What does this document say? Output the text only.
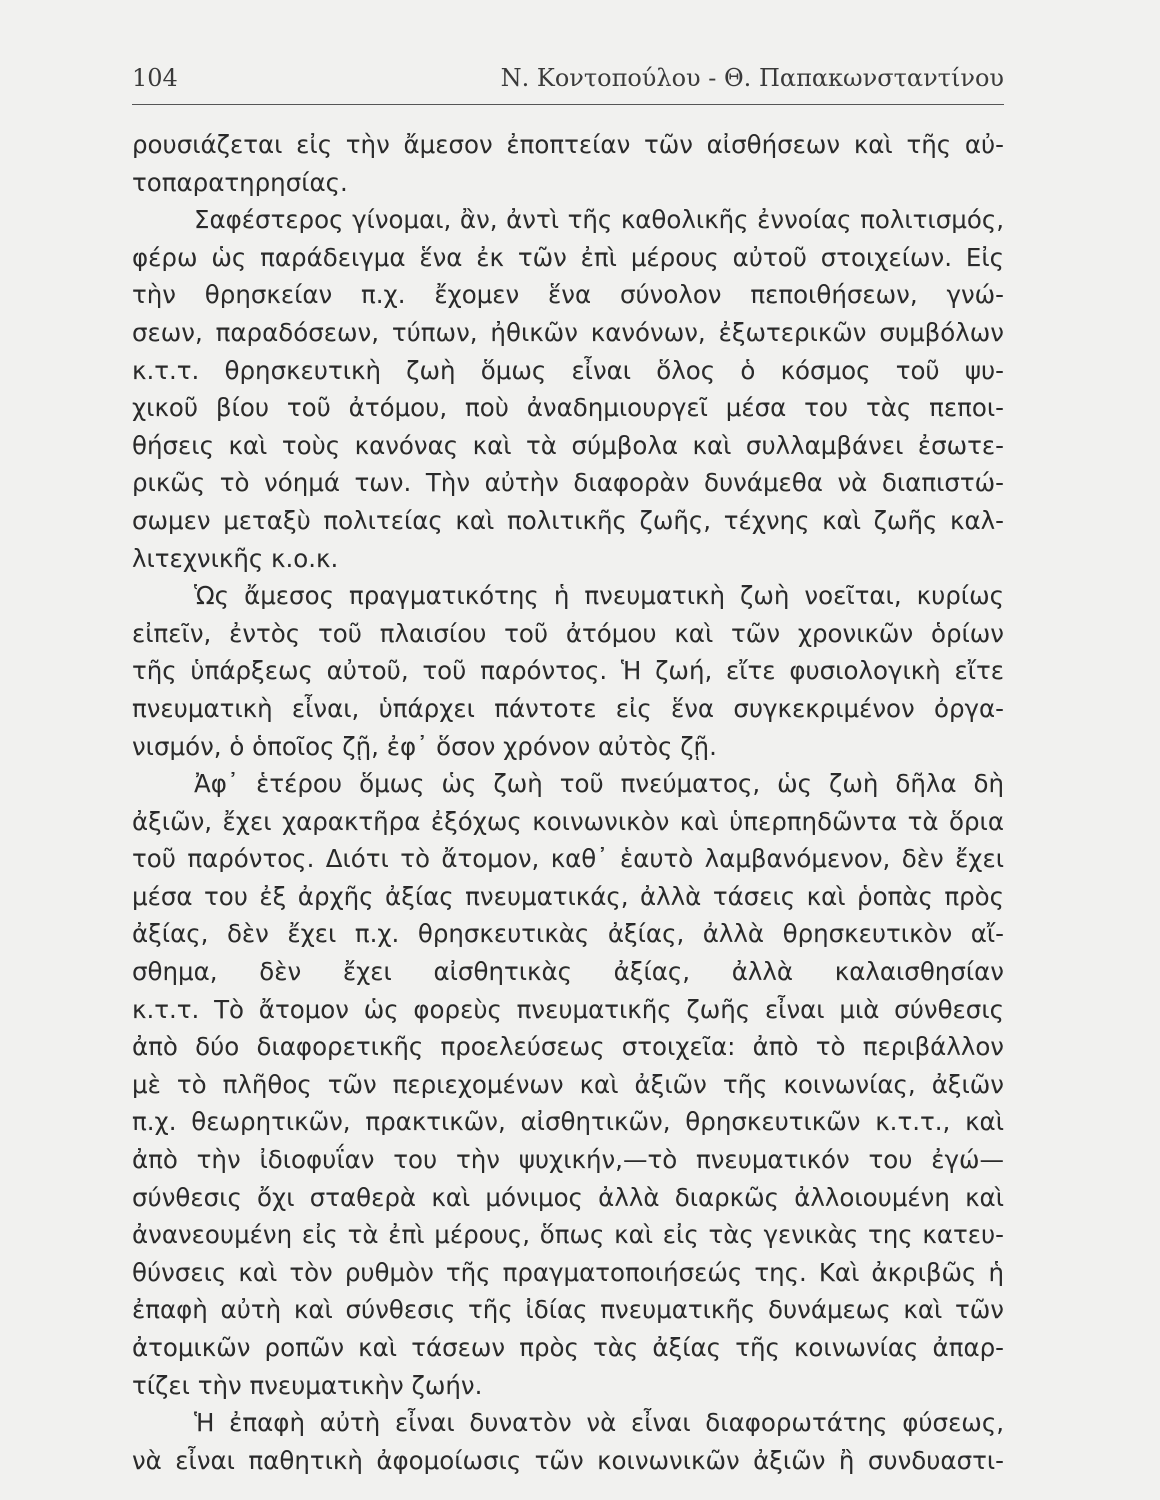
104	Ν. Κοντοπούλου - Θ. Παπακωνσταντίνου
ρουσιάζεται εἰς τὴν ἄμεσον ἐποπτείαν τῶν αἰσθήσεων καὶ τῆς αὐ-
τοπαρατηρησίας.
Σαφέστερος γίνομαι, ἂν, ἀντὶ τῆς καθολικῆς ἐννοίας πολιτισμός,
φέρω ὡς παράδειγμα ἕνα ἐκ τῶν ἐπὶ μέρους αὐτοῦ στοιχείων. Εἰς
τὴν θρησκείαν π.χ. ἔχομεν ἕνα σύνολον πεποιθήσεων, γνώ-
σεων, παραδόσεων, τύπων, ἠθικῶν κανόνων, ἐξωτερικῶν συμβόλων
κ.τ.τ. θρησκευτικὴ ζωὴ ὅμως εἶναι ὅλος ὁ κόσμος τοῦ ψυ-
χικοῦ βίου τοῦ ἀτόμου, ποὺ ἀναδημιουργεῖ μέσα του τὰς πεποι-
θήσεις καὶ τοὺς κανόνας καὶ τὰ σύμβολα καὶ συλλαμβάνει ἐσωτε-
ρικῶς τὸ νόημά των. Τὴν αὐτὴν διαφορὰν δυνάμεθα νὰ διαπιστώ-
σωμεν μεταξὺ πολιτείας καὶ πολιτικῆς ζωῆς, τέχνης καὶ ζωῆς καλ-
λιτεχνικῆς κ.ο.κ.
Ὡς ἄμεσος πραγματικότης ἡ πνευματικὴ ζωὴ νοεῖται, κυρίως
εἰπεῖν, ἐντὸς τοῦ πλαισίου τοῦ ἀτόμου καὶ τῶν χρονικῶν ὁρίων
τῆς ὑπάρξεως αὐτοῦ, τοῦ παρόντος. Ἡ ζωή, εἴτε φυσιολογικὴ εἴτε
πνευματικὴ εἶναι, ὑπάρχει πάντοτε εἰς ἕνα συγκεκριμένον ὀργα-
νισμόν, ὁ ὁποῖος ζῇ, ἐφ᾽ ὅσον χρόνον αὐτὸς ζῇ.
Ἀφ᾽ ἑτέρου ὅμως ὡς ζωὴ τοῦ πνεύματος, ὡς ζωὴ δῆλα δὴ
ἀξιῶν, ἔχει χαρακτῆρα ἐξόχως κοινωνικὸν καὶ ὑπερπηδῶντα τὰ ὅρια
τοῦ παρόντος. Διότι τὸ ἄτομον, καθ᾽ ἑαυτὸ λαμβανόμενον, δὲν ἔχει
μέσα του ἐξ ἀρχῆς ἀξίας πνευματικάς, ἀλλὰ τάσεις καὶ ῥοπὰς πρὸς
ἀξίας, δὲν ἔχει π.χ. θρησκευτικὰς ἀξίας, ἀλλὰ θρησκευτικὸν αἴ-
σθημα, δὲν ἔχει αἰσθητικὰς ἀξίας, ἀλλὰ καλαισθησίαν
κ.τ.τ. Τὸ ἄτομον ὡς φορεὺς πνευματικῆς ζωῆς εἶναι μιὰ σύνθεσις
ἀπὸ δύο διαφορετικῆς προελεύσεως στοιχεῖα: ἀπὸ τὸ περιβάλλον
μὲ τὸ πλῆθος τῶν περιεχομένων καὶ ἀξιῶν τῆς κοινωνίας, ἀξιῶν
π.χ. θεωρητικῶν, πρακτικῶν, αἰσθητικῶν, θρησκευτικῶν κ.τ.τ., καὶ
ἀπὸ τὴν ἰδιοφυΐαν του τὴν ψυχικήν,—τὸ πνευματικόν του ἐγώ—
σύνθεσις ὄχι σταθερὰ καὶ μόνιμος ἀλλὰ διαρκῶς ἀλλοιουμένη καὶ
ἀνανεουμένη εἰς τὰ ἐπὶ μέρους, ὅπως καὶ εἰς τὰς γενικὰς της κατευ-
θύνσεις καὶ τὸν ρυθμὸν τῆς πραγματοποιήσεώς της. Καὶ ἀκριβῶς ἡ
ἐπαφὴ αὐτὴ καὶ σύνθεσις τῆς ἰδίας πνευματικῆς δυνάμεως καὶ τῶν
ἀτομικῶν ροπῶν καὶ τάσεων πρὸς τὰς ἀξίας τῆς κοινωνίας ἀπαρ-
τίζει τὴν πνευματικὴν ζωήν.
Ἡ ἐπαφὴ αὐτὴ εἶναι δυνατὸν νὰ εἶναι διαφορωτάτης φύσεως,
νὰ εἶναι παθητικὴ ἀφομοίωσις τῶν κοινωνικῶν ἀξιῶν ἢ συνδυαστι-
